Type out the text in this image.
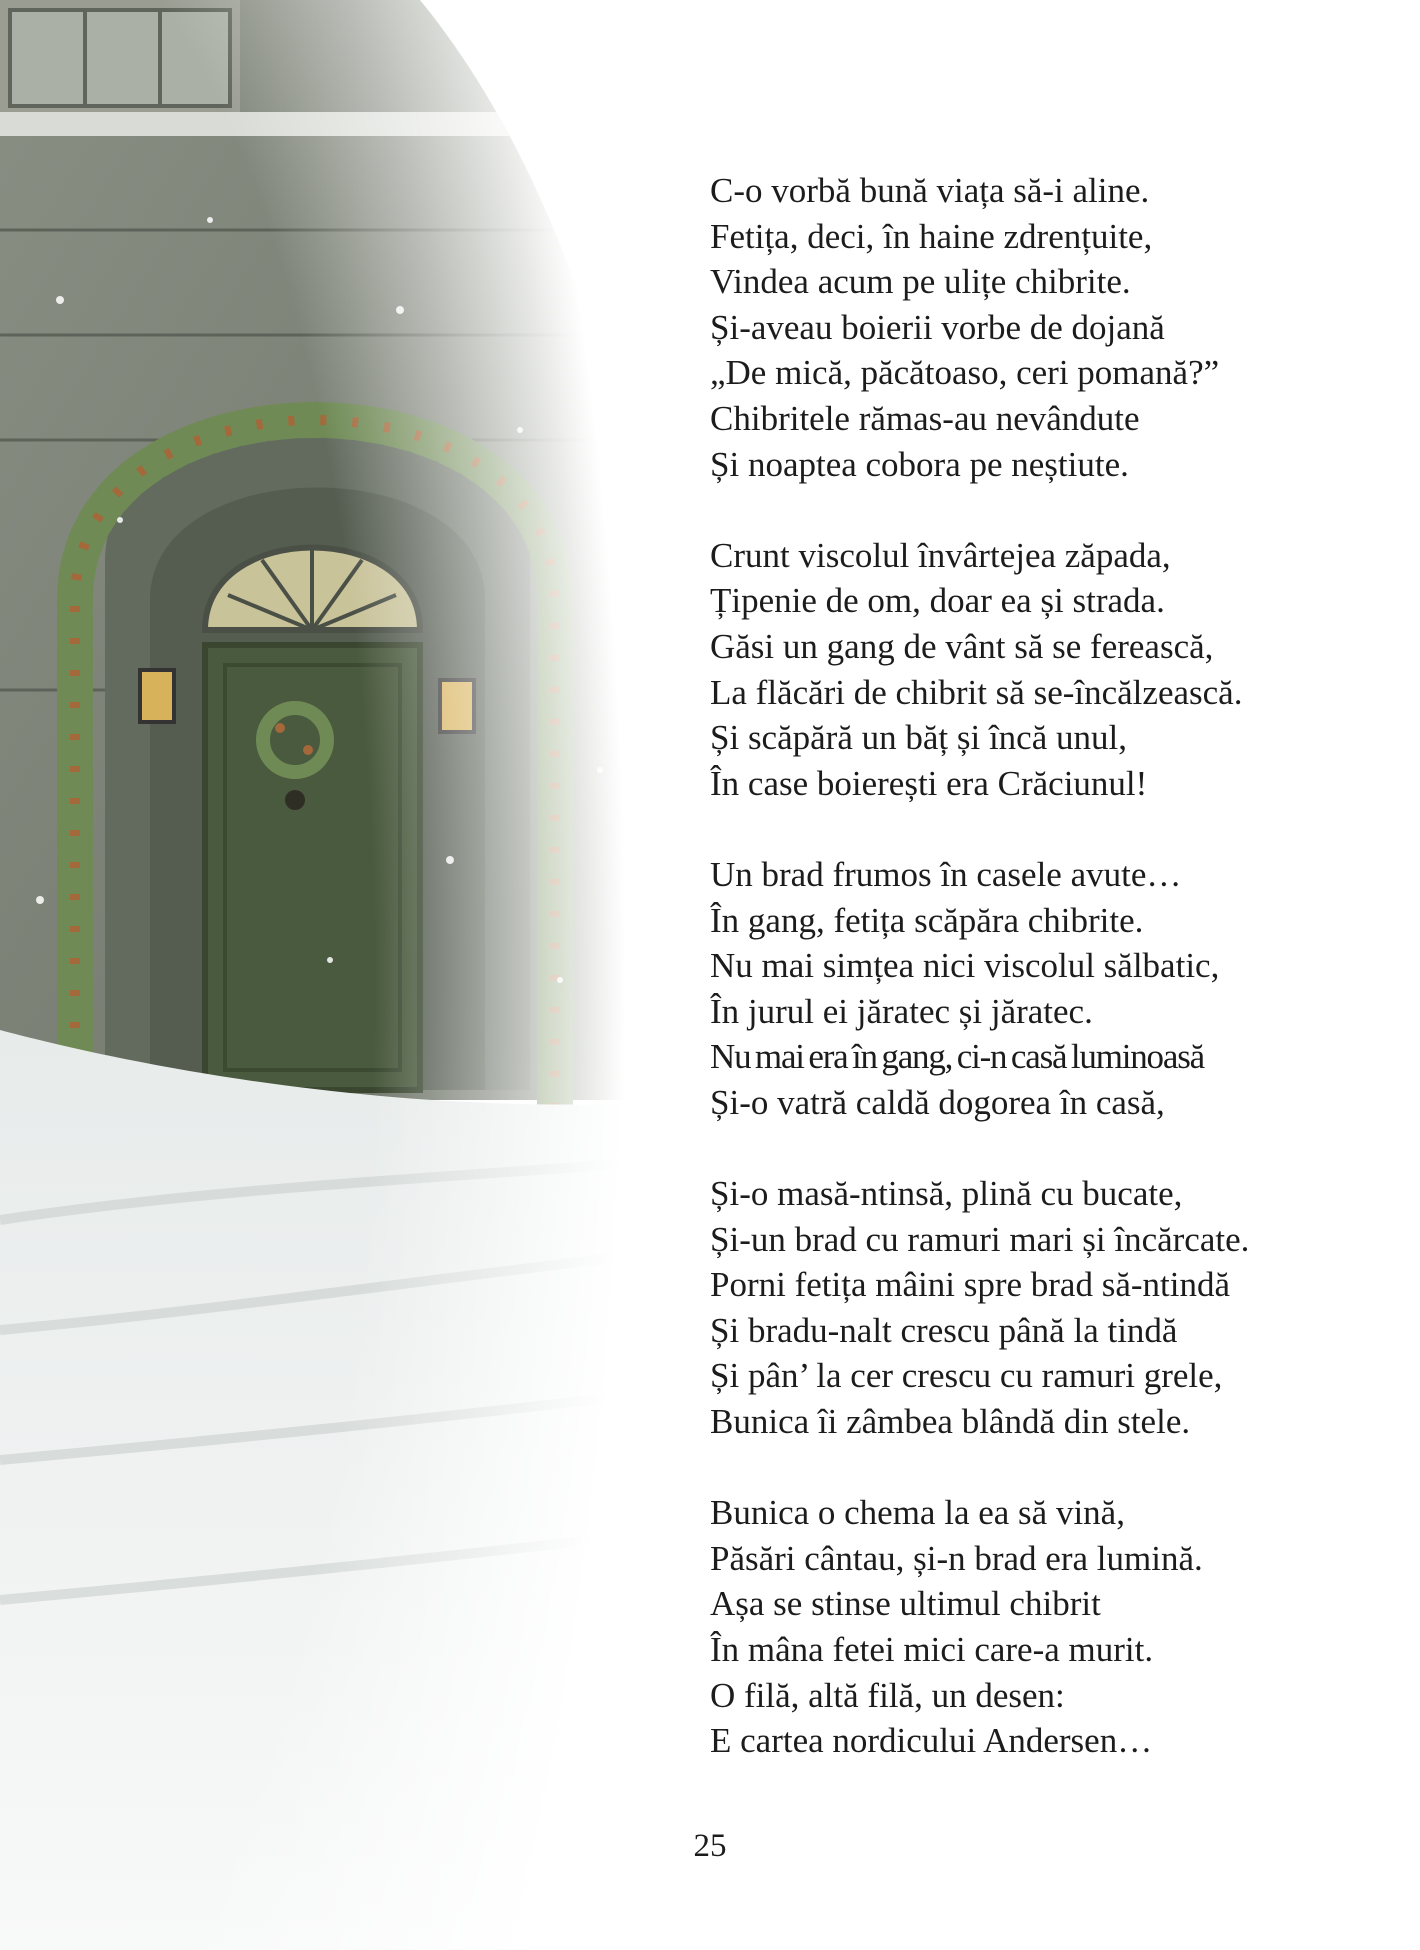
C-o vorbă bună viața să-i aline.
Fetița, deci, în haine zdrențuite,
Vindea acum pe ulițe chibrite.
Și-aveau boierii vorbe de dojană
„De mică, păcătoaso, ceri pomană?”
Chibritele rămas-au nevândute
Și noaptea cobora pe neștiute.
Crunt viscolul învârtejea zăpada,
Țipenie de om, doar ea și strada.
Găsi un gang de vânt să se ferească,
La flăcări de chibrit să se-încălzească.
Și scăpără un băț și încă unul,
În case boierești era Crăciunul!
Un brad frumos în casele avute…
În gang, fetița scăpăra chibrite.
Nu mai simțea nici viscolul sălbatic,
În jurul ei jăratec și jăratec.
Nu mai era în gang, ci-n casă luminoasă
Și-o vatră caldă dogorea în casă,
Și-o masă-ntinsă, plină cu bucate,
Și-un brad cu ramuri mari și încărcate.
Porni fetița mâini spre brad să-ntindă
Și bradu-nalt crescu până la tindă
Și pân’ la cer crescu cu ramuri grele,
Bunica îi zâmbea blândă din stele.
Bunica o chema la ea să vină,
Păsări cântau, și-n brad era lumină.
Așa se stinse ultimul chibrit
În mâna fetei mici care-a murit.
O filă, altă filă, un desen:
E cartea nordicului Andersen…
25
